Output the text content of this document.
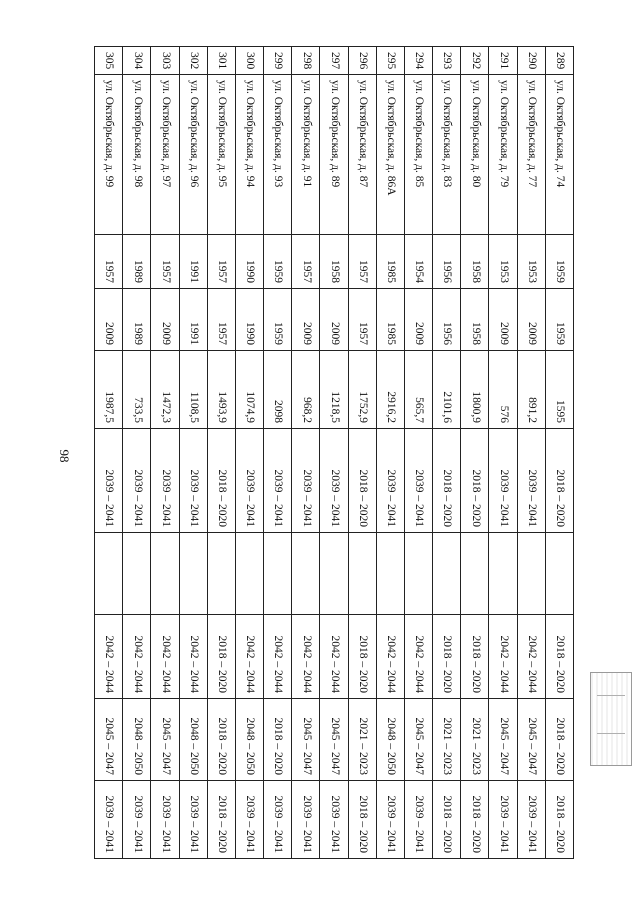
98
289	ул. Октябрьская, д. 74	1959	1959	1595	2018 – 2020		2018 – 2020	2018 – 2020	2018 – 2020
290	ул. Октябрьская, д. 77	1953	2009	891,2	2039 – 2041		2042 – 2044	2045 – 2047	2039 – 2041
291	ул. Октябрьская, д. 79	1953	2009	576	2039 – 2041		2042 – 2044	2045 – 2047	2039 – 2041
292	ул. Октябрьская, д. 80	1958	1958	1800,9	2018 – 2020		2018 – 2020	2021 – 2023	2018 – 2020
293	ул. Октябрьская, д. 83	1956	1956	2101,6	2018 – 2020		2018 – 2020	2021 – 2023	2018 – 2020
294	ул. Октябрьская, д. 85	1954	2009	565,7	2039 – 2041		2042 – 2044	2045 – 2047	2039 – 2041
295	ул. Октябрьская, д. 86А	1985	1985	2916,2	2039 – 2041		2042 – 2044	2048 – 2050	2039 – 2041
296	ул. Октябрьская, д. 87	1957	1957	1752,9	2018 – 2020		2018 – 2020	2021 – 2023	2018 – 2020
297	ул. Октябрьская, д. 89	1958	2009	1218,5	2039 – 2041		2042 – 2044	2045 – 2047	2039 – 2041
298	ул. Октябрьская, д. 91	1957	2009	968,2	2039 – 2041		2042 – 2044	2045 – 2047	2039 – 2041
299	ул. Октябрьская, д. 93	1959	1959	2098	2039 – 2041		2042 – 2044	2018 – 2020	2039 – 2041
300	ул. Октябрьская, д. 94	1990	1990	1074,9	2039 – 2041		2042 – 2044	2048 – 2050	2039 – 2041
301	ул. Октябрьская, д. 95	1957	1957	1493,9	2018 – 2020		2018 – 2020	2018 – 2020	2018 – 2020
302	ул. Октябрьская, д. 96	1991	1991	1108,5	2039 – 2041		2042 – 2044	2048 – 2050	2039 – 2041
303	ул. Октябрьская, д. 97	1957	2009	1472,3	2039 – 2041		2042 – 2044	2045 – 2047	2039 – 2041
304	ул. Октябрьская, д. 98	1989	1989	733,5	2039 – 2041		2042 – 2044	2048 – 2050	2039 – 2041
305	ул. Октябрьская, д. 99	1957	2009	1987,5	2039 – 2041		2042 – 2044	2045 – 2047	2039 – 2041
